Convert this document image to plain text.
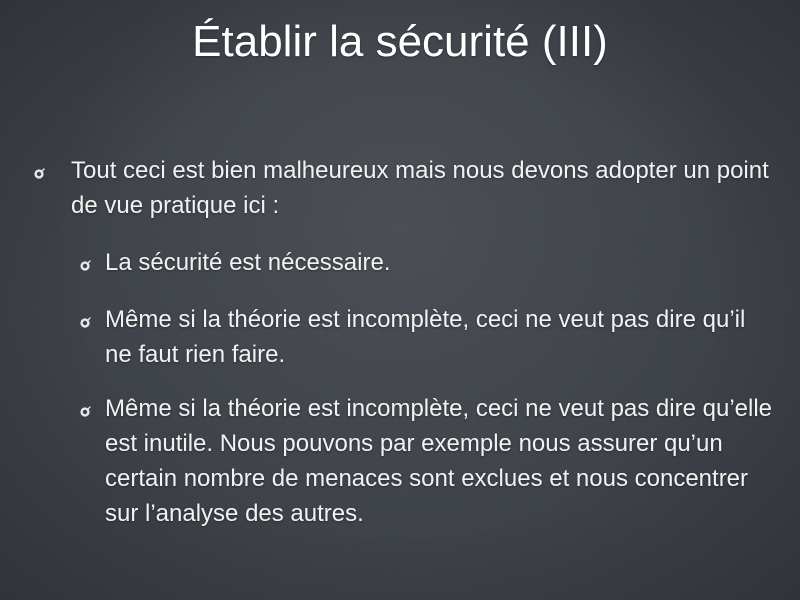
Établir la sécurité (III)
Tout ceci est bien malheureux mais nous devons adopter un point de vue pratique ici :
La sécurité est nécessaire.
Même si la théorie est incomplète, ceci ne veut pas dire qu’il ne faut rien faire.
Même si la théorie est incomplète, ceci ne veut pas dire qu’elle est inutile. Nous pouvons par exemple nous assurer qu’un certain nombre de menaces sont exclues et nous concentrer sur l’analyse des autres.
